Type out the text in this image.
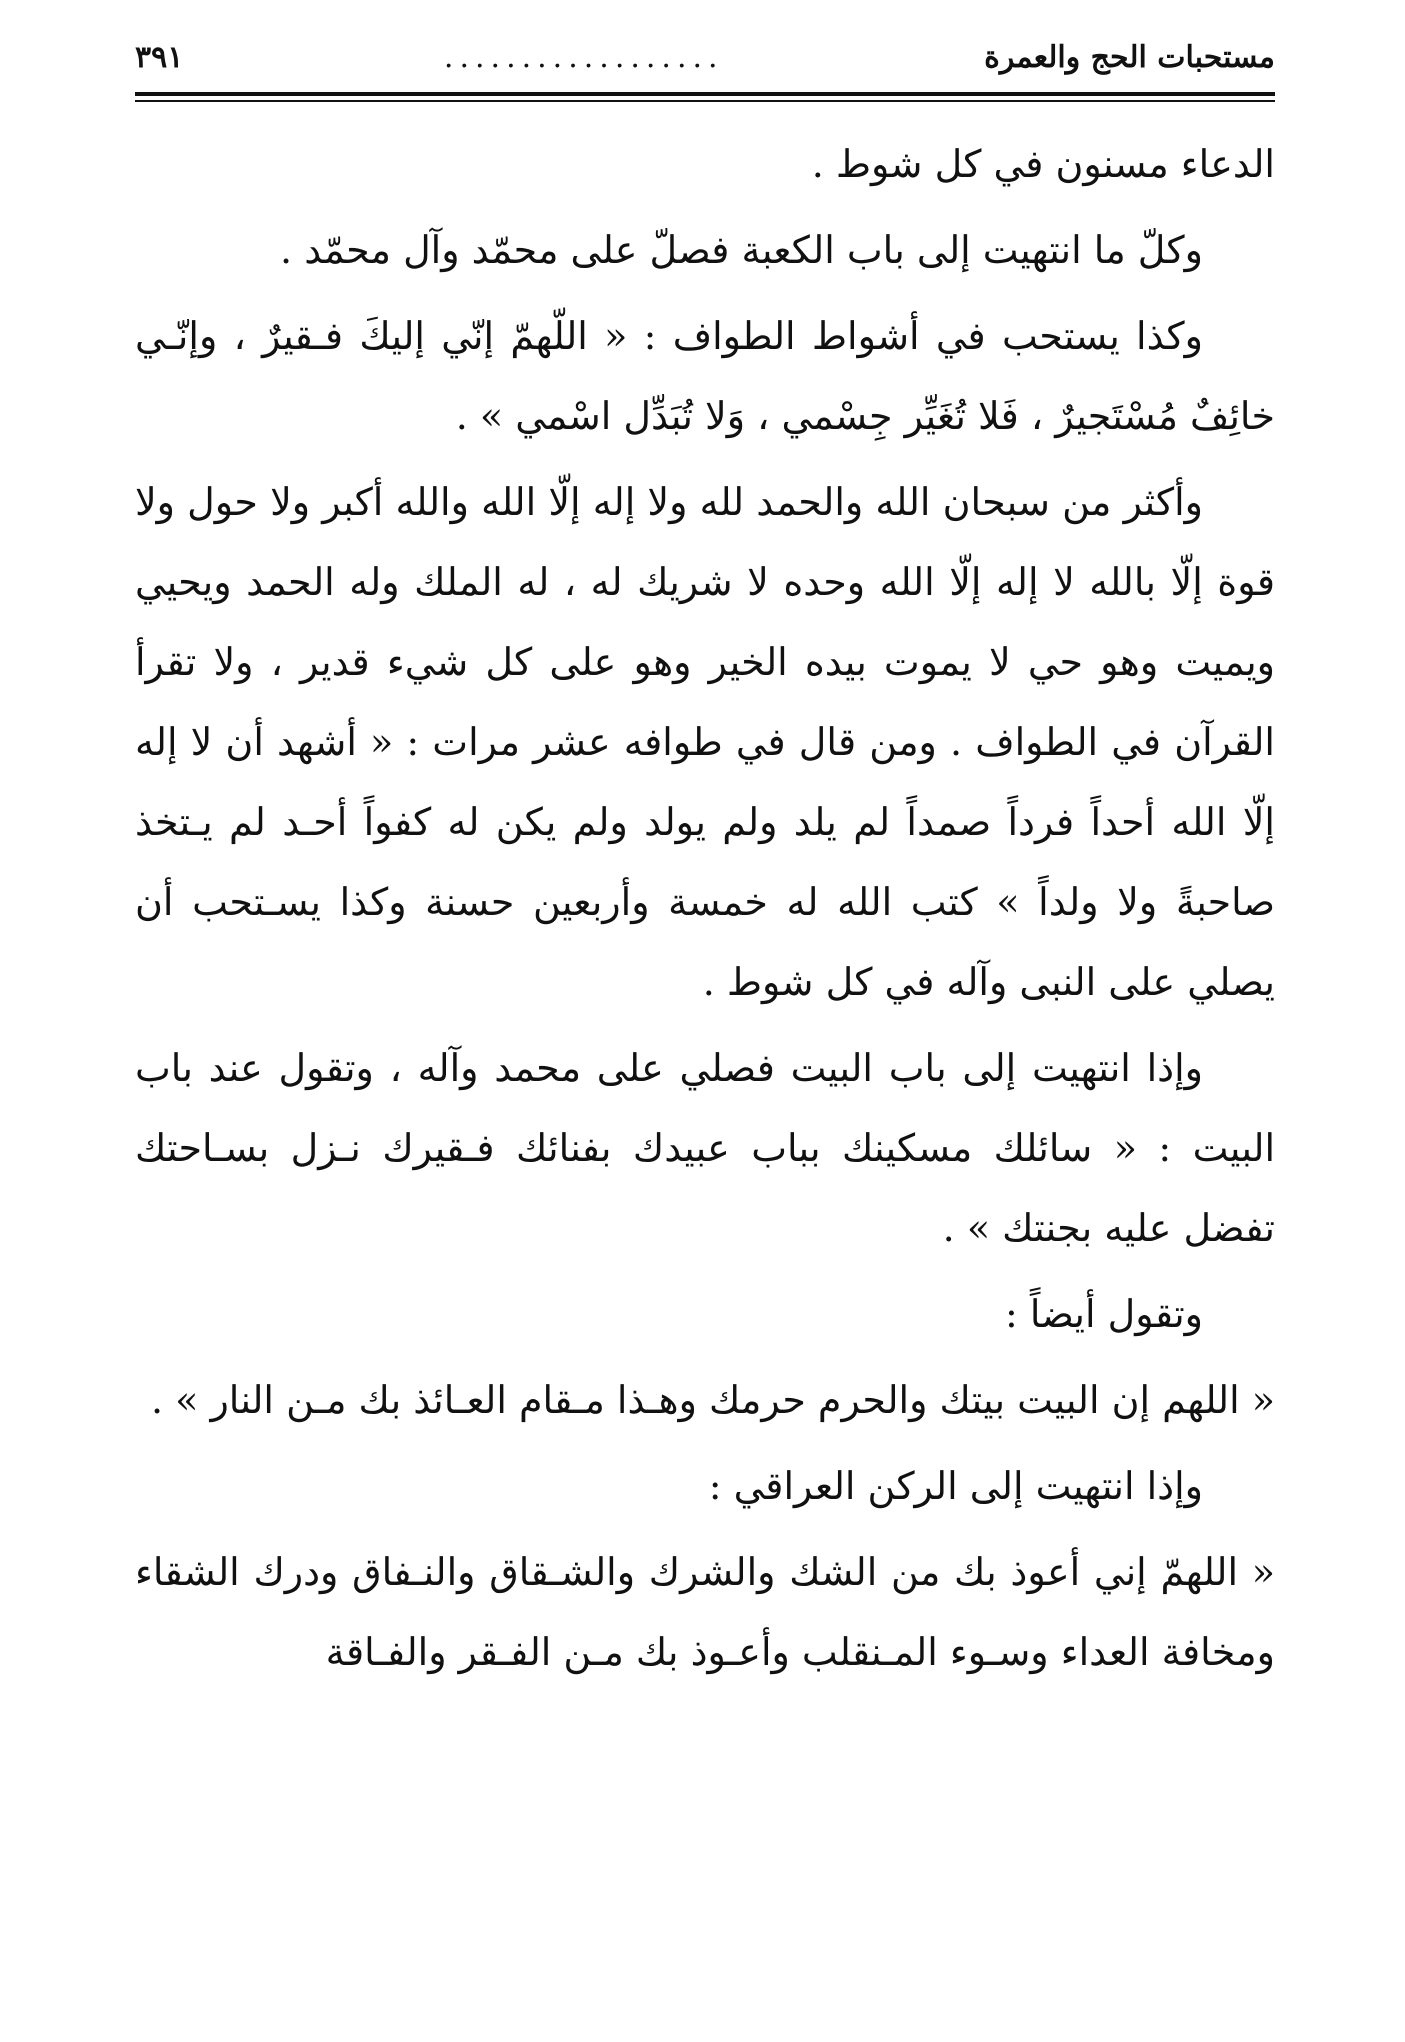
مستحبات الحج والعمرة
..................
٣٩١

الدعاء مسنون في كل شوط .

وكلّ ما انتهيت إلى باب الكعبة فصلّ على محمّد وآل محمّد .

وكذا يستحب في أشواط الطواف : « اللّهمّ إنّي إليكَ فـقيرٌ ، وإنّـي خائِفٌ مُسْتَجيرٌ ، فَلا تُغَيِّر جِسْمي ، وَلا تُبَدِّل اسْمي » .

وأكثر من سبحان الله والحمد لله ولا إله إلّا الله والله أكبر ولا حول ولا قوة إلّا بالله لا إله إلّا الله وحده لا شريك له ، له الملك وله الحمد ويحيي ويميت وهو حي لا يموت بيده الخير وهو على كل شيء قدير ، ولا تقرأ القرآن في الطواف . ومن قال في طوافه عشر مرات : « أشهد أن لا إله إلّا الله أحداً فرداً صمداً لم يلد ولم يولد ولم يكن له كفواً أحـد لم يـتخذ صاحبةً ولا ولداً » كتب الله له خمسة وأربعين حسنة وكذا يسـتحب أن يصلي على النبى وآله في كل شوط .

وإذا انتهيت إلى باب البيت فصلي على محمد وآله ، وتقول عند باب البيت : « سائلك مسكينك بباب عبيدك بفنائك فـقيرك نـزل بسـاحتك تفضل عليه بجنتك » .

وتقول أيضاً :

« اللهم إن البيت بيتك والحرم حرمك وهـذا مـقام العـائذ بك مـن النار » .

وإذا انتهيت إلى الركن العراقي :

« اللهمّ إني أعوذ بك من الشك والشرك والشـقاق والنـفاق ودرك الشقاء ومخافة العداء وسـوء المـنقلب وأعـوذ بك مـن الفـقر والفـاقة
